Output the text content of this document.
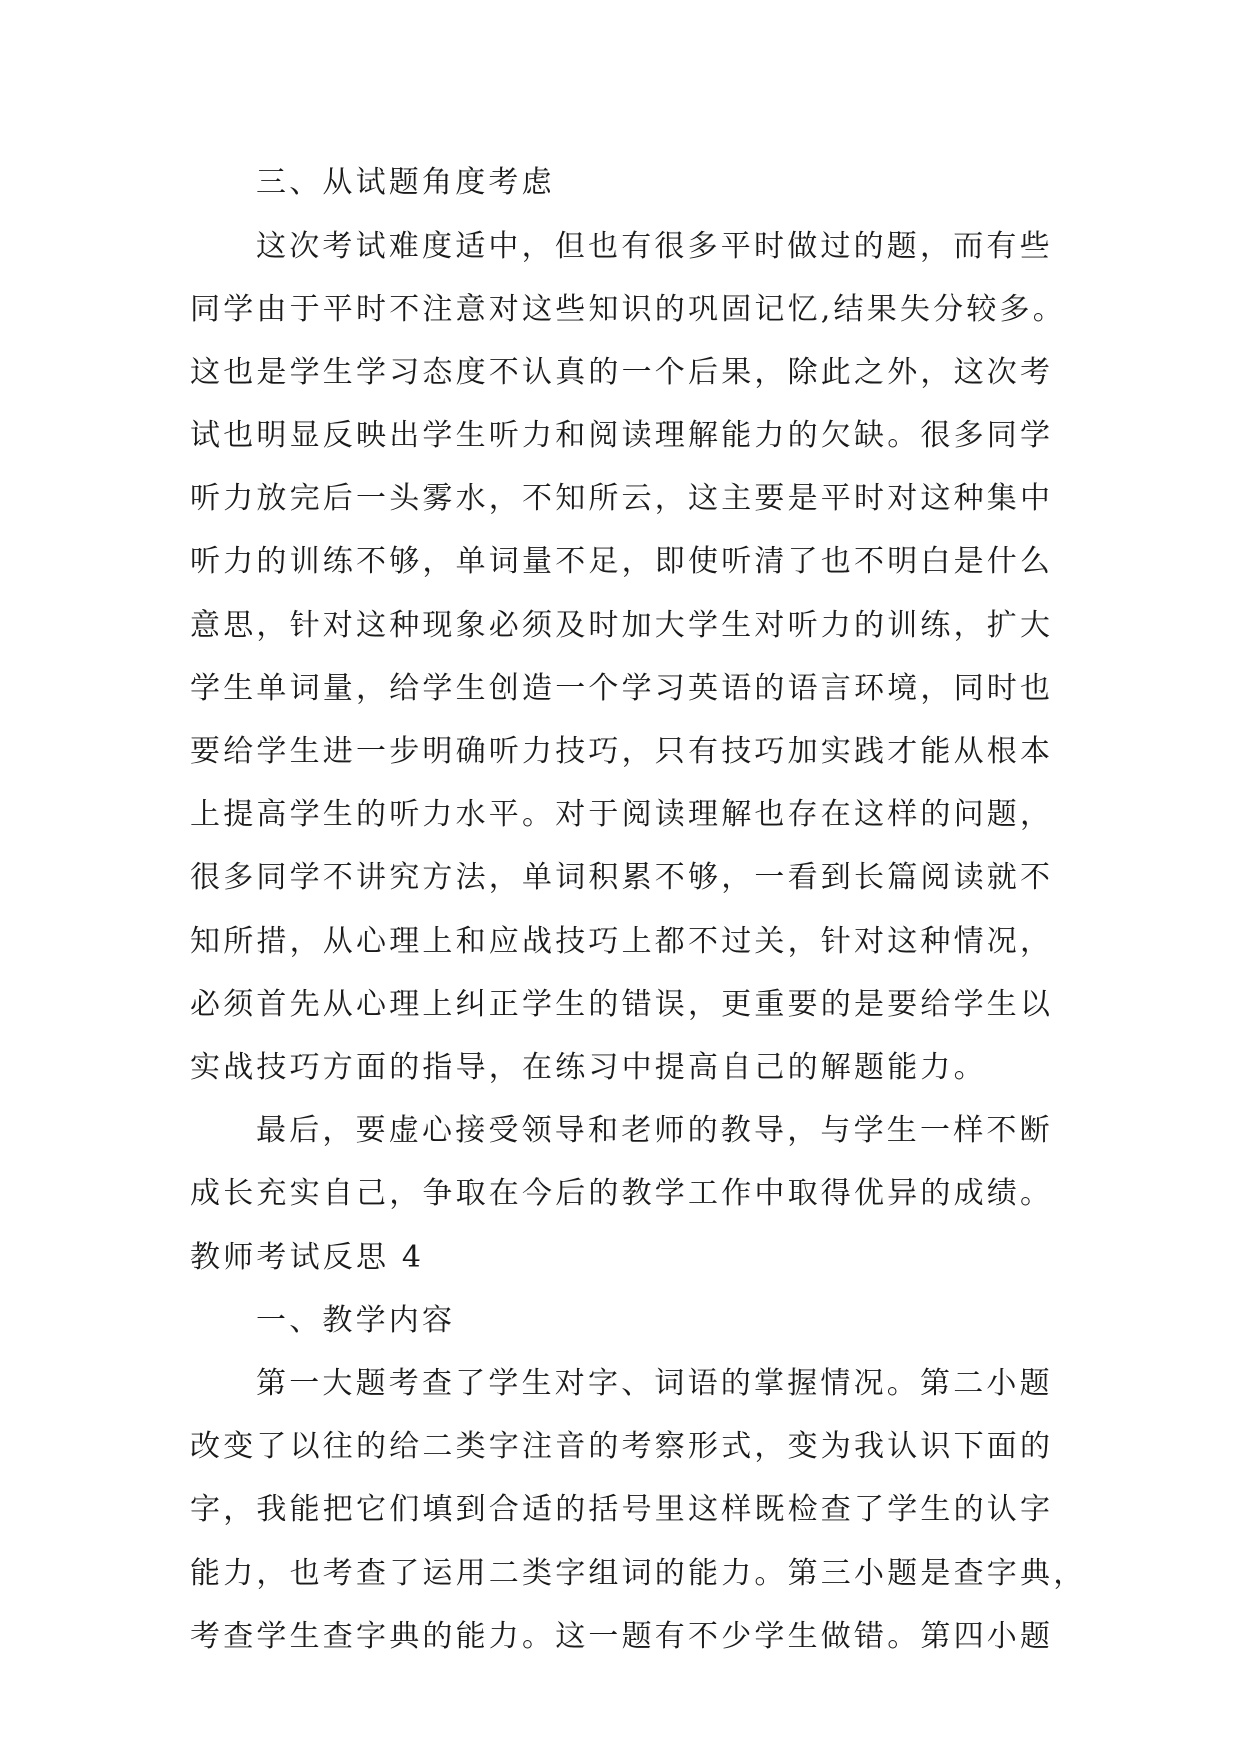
三、从试题角度考虑
这次考试难度适中，但也有很多平时做过的题，而有些
同学由于平时不注意对这些知识的巩固记忆,结果失分较多。
这也是学生学习态度不认真的一个后果，除此之外，这次考
试也明显反映出学生听力和阅读理解能力的欠缺。很多同学
听力放完后一头雾水，不知所云，这主要是平时对这种集中
听力的训练不够，单词量不足，即使听清了也不明白是什么
意思，针对这种现象必须及时加大学生对听力的训练，扩大
学生单词量，给学生创造一个学习英语的语言环境，同时也
要给学生进一步明确听力技巧，只有技巧加实践才能从根本
上提高学生的听力水平。对于阅读理解也存在这样的问题，
很多同学不讲究方法，单词积累不够，一看到长篇阅读就不
知所措，从心理上和应战技巧上都不过关，针对这种情况，
必须首先从心理上纠正学生的错误，更重要的是要给学生以
实战技巧方面的指导，在练习中提高自己的解题能力。
最后，要虚心接受领导和老师的教导，与学生一样不断
成长充实自己，争取在今后的教学工作中取得优异的成绩。
教师考试反思 4
一、教学内容
第一大题考查了学生对字、词语的掌握情况。第二小题
改变了以往的给二类字注音的考察形式，变为我认识下面的
字，我能把它们填到合适的括号里这样既检查了学生的认字
能力，也考查了运用二类字组词的能力。第三小题是查字典，
考查学生查字典的能力。这一题有不少学生做错。第四小题
